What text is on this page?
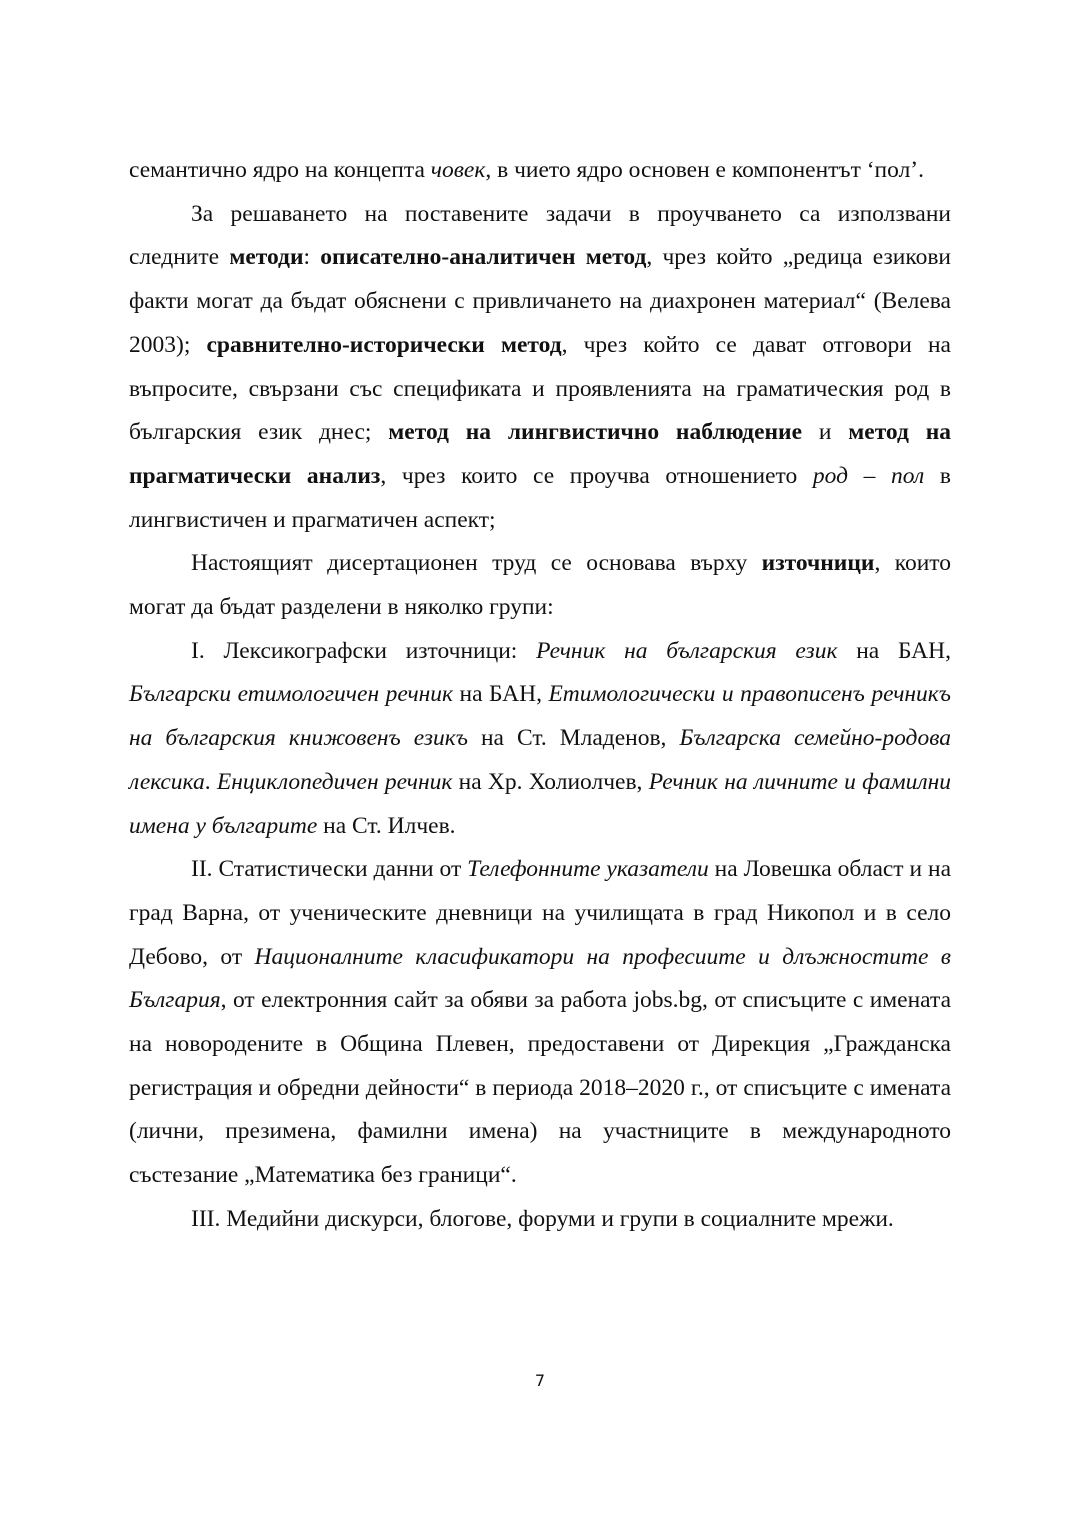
семантично ядро на концепта човек, в чието ядро основен е компонентът ‘пол’.

За решаването на поставените задачи в проучването са използвани следните методи: описателно-аналитичен метод, чрез който „редица езикови факти могат да бъдат обяснени с привличането на диахронен материал“ (Велева 2003); сравнително-исторически метод, чрез който се дават отговори на въпросите, свързани със спецификата и проявленията на граматическия род в българския език днес; метод на лингвистично наблюдение и метод на прагматически анализ, чрез които се проучва отношението род – пол в лингвистичен и прагматичен аспект;

Настоящият дисертационен труд се основава върху източници, които могат да бъдат разделени в няколко групи:

I. Лексикографски източници: Речник на българския език на БАН, Български етимологичен речник на БАН, Етимологически и правописенъ речникъ на българския книжовенъ езикъ на Ст. Младенов, Българска семейно-родова лексика. Енциклопедичен речник на Хр. Холиолчев, Речник на личните и фамилни имена у българите на Ст. Илчев.

II. Статистически данни от Телефонните указатели на Ловешка област и на град Варна, от ученическите дневници на училищата в град Никопол и в село Дебово, от Националните класификатори на професиите и длъжностите в България, от електронния сайт за обяви за работа jobs.bg, от списъците с имената на новородените в Община Плевен, предоставени от Дирекция „Гражданска регистрация и обредни дейности“ в периода 2018–2020 г., от списъците с имената (лични, презимена, фамилни имена) на участниците в международното състезание „Математика без граници“.

III. Медийни дискурси, блогове, форуми и групи в социалните мрежи.

7
